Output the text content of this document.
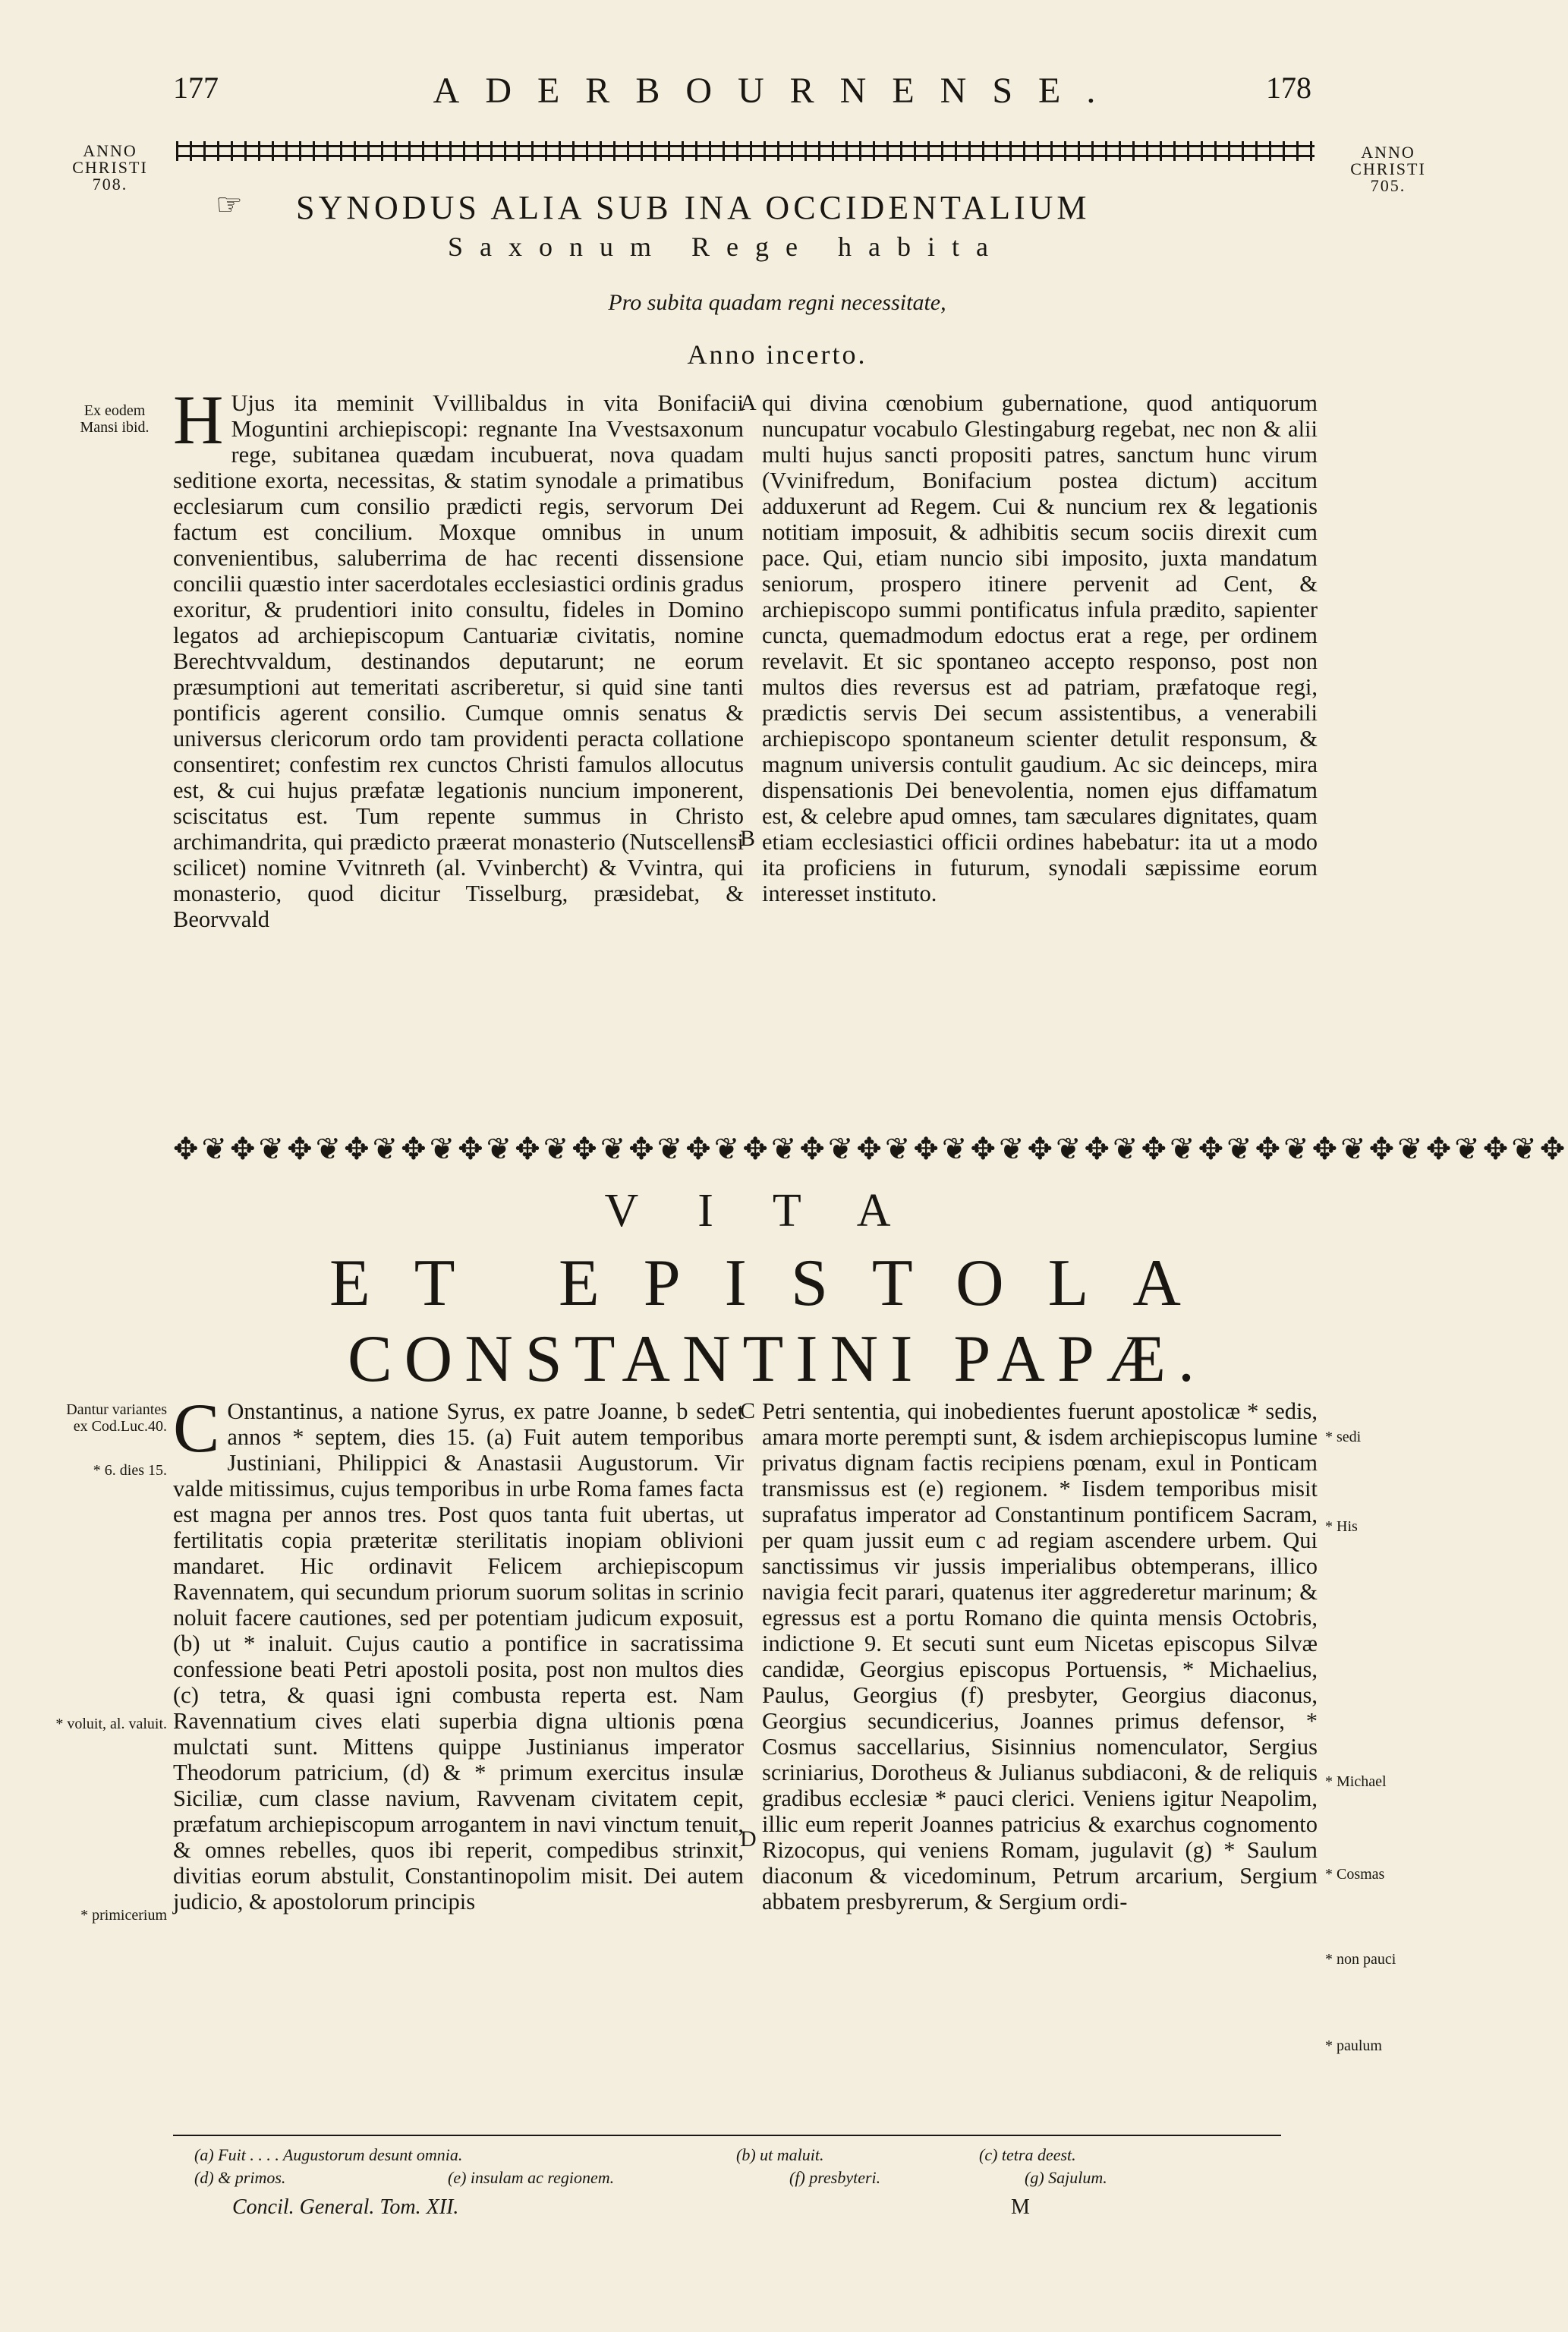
177	ADERBOURNENSE.	178
ANNO
CHRISTI
708.
ANNO
CHRISTI
705.
☞ SYNODUS ALIA SUB INA OCCIDENTALIUM
Saxonum Rege habita
Pro subita quadam regni necessitate,
Anno incerto.
Ex eodem Mansi ibid. H Ujus ita meminit Vvillibaldus in vita Bonifacii Moguntini archiepiscopi: regnante Ina Vvestsaxonum rege, subitanea quædam incubuerat, nova quadam seditione exorta, necessitas, & statim synodale a primatibus ecclesiarum cum consilio prædicti regis, servorum Dei factum est concilium. Moxque omnibus in unum convenientibus, saluberrima de hac recenti dissensione concilii quæstio inter sacerdotales ecclesiastici ordinis gradus exoritur, & prudentiori inito consultu, fideles in Domino legatos ad archiepiscopum Cantuariæ civitatis, nomine Berechtvvaldum, destinandos deputarunt; ne eorum præsumptioni aut temeritati ascriberetur, si quid sine tanti pontificis agerent consilio. Cumque omnis senatus & universus clericorum ordo tam providenti peracta collatione consentiret; confestim rex cunctos Christi famulos allocutus est, & cui hujus præfatæ legationis nuncium imponerent, sciscitatus est. Tum repente summus in Christo archimandrita, qui prædicto præerat monasterio (Nutscellensi scilicet) nomine Vvitnreth (al. Vvinbercht) & Vvintra, qui monasterio, quod dicitur Tisselburg, præsidebat, & Beorvvald

A
B

qui divina cœnobium gubernatione, quod antiquorum nuncupatur vocabulo Glestingaburg regebat, nec non & alii multi hujus sancti propositi patres, sanctum hunc virum (Vvinifredum, Bonifacium postea dictum) accitum adduxerunt ad Regem. Cui & nuncium rex & legationis notitiam imposuit, & adhibitis secum sociis direxit cum pace. Qui, etiam nuncio sibi imposito, juxta mandatum seniorum, prospero itinere pervenit ad Cent, & archiepiscopo summi pontificatus infula prædito, sapienter cuncta, quemadmodum edoctus erat a rege, per ordinem revelavit. Et sic spontaneo accepto responso, post non multos dies reversus est ad patriam, præfatoque regi, prædictis servis Dei secum assistentibus, a venerabili archiepiscopo spontaneum scienter detulit responsum, & magnum universis contulit gaudium. Ac sic deinceps, mira dispensationis Dei benevolentia, nomen ejus diffamatum est, & celebre apud omnes, tam sæculares dignitates, quam etiam ecclesiastici officii ordines habebatur: ita ut a modo ita proficiens in futurum, synodali sæpissime eorum interesset instituto.

✥❦✥❦✥❦✥❦✥❦✥❦✥❦✥❦✥❦✥❦✥❦✥❦✥❦✥❦✥❦✥❦✥❦✥❦✥❦✥❦✥❦✥❦✥❦✥❦✥
VITA
ET EPISTOLA
CONSTANTINI PAPÆ.
Dantur variantes ex Cod.Luc.40.
* 6. dies 15.
* voluit, al. valuit.
* primicerium
* sedi
* His
* Michael
* Cosmas
* non pauci
* paulum
C Onstantinus, a natione Syrus, ex patre Joanne, b sedet annos * septem, dies 15. (a) Fuit autem temporibus Justiniani, Philippici & Anastasii Augustorum. Vir valde mitissimus, cujus temporibus in urbe Roma fames facta est magna per annos tres. Post quos tanta fuit ubertas, ut fertilitatis copia præteritæ sterilitatis inopiam oblivioni mandaret. Hic ordinavit Felicem archiepiscopum Ravennatem, qui secundum priorum suorum solitas in scrinio noluit facere cautiones, sed per potentiam judicum exposuit, (b) ut * inaluit. Cujus cautio a pontifice in sacratissima confessione beati Petri apostoli posita, post non multos dies (c) tetra, & quasi igni combusta reperta est. Nam Ravennatium cives elati superbia digna ultionis pœna mulctati sunt. Mittens quippe Justinianus imperator Theodorum patricium, (d) & * primum exercitus insulæ Siciliæ, cum classe navium, Ravvenam civitatem cepit, præfatum archiepiscopum arrogantem in navi vinctum tenuit, & omnes rebelles, quos ibi reperit, compedibus strinxit, divitias eorum abstulit, Constantinopolim misit. Dei autem judicio, & apostolorum principis

C
D

Petri sententia, qui inobedientes fuerunt apostolicæ * sedis, amara morte perempti sunt, & isdem archiepiscopus lumine privatus dignam factis recipiens pœnam, exul in Ponticam transmissus est (e) regionem. * Iisdem temporibus misit suprafatus imperator ad Constantinum pontificem Sacram, per quam jussit eum c ad regiam ascendere urbem. Qui sanctissimus vir jussis imperialibus obtemperans, illico navigia fecit parari, quatenus iter aggrederetur marinum; & egressus est a portu Romano die quinta mensis Octobris, indictione 9. Et secuti sunt eum Nicetas episcopus Silvæ candidæ, Georgius episcopus Portuensis, * Michaelius, Paulus, Georgius (f) presbyter, Georgius diaconus, Georgius secundicerius, Joannes primus defensor, * Cosmus saccellarius, Sisinnius nomenculator, Sergius scriniarius, Dorotheus & Julianus subdiaconi, & de reliquis gradibus ecclesiæ * pauci clerici. Veniens igitur Neapolim, illic eum reperit Joannes patricius & exarchus cognomento Rizocopus, qui veniens Romam, jugulavit (g) * Saulum diaconum & vicedominum, Petrum arcarium, Sergium abbatem presbyrerum, & Sergium ordi-

(a) Fuit . . . . Augustorum desunt omnia.	(b) ut maluit.	(c) tetra deest.
(d) & primos.	(e) insulam ac regionem.	(f) presbyteri.	(g) Sajulum.
Concil. General. Tom. XII.	M
